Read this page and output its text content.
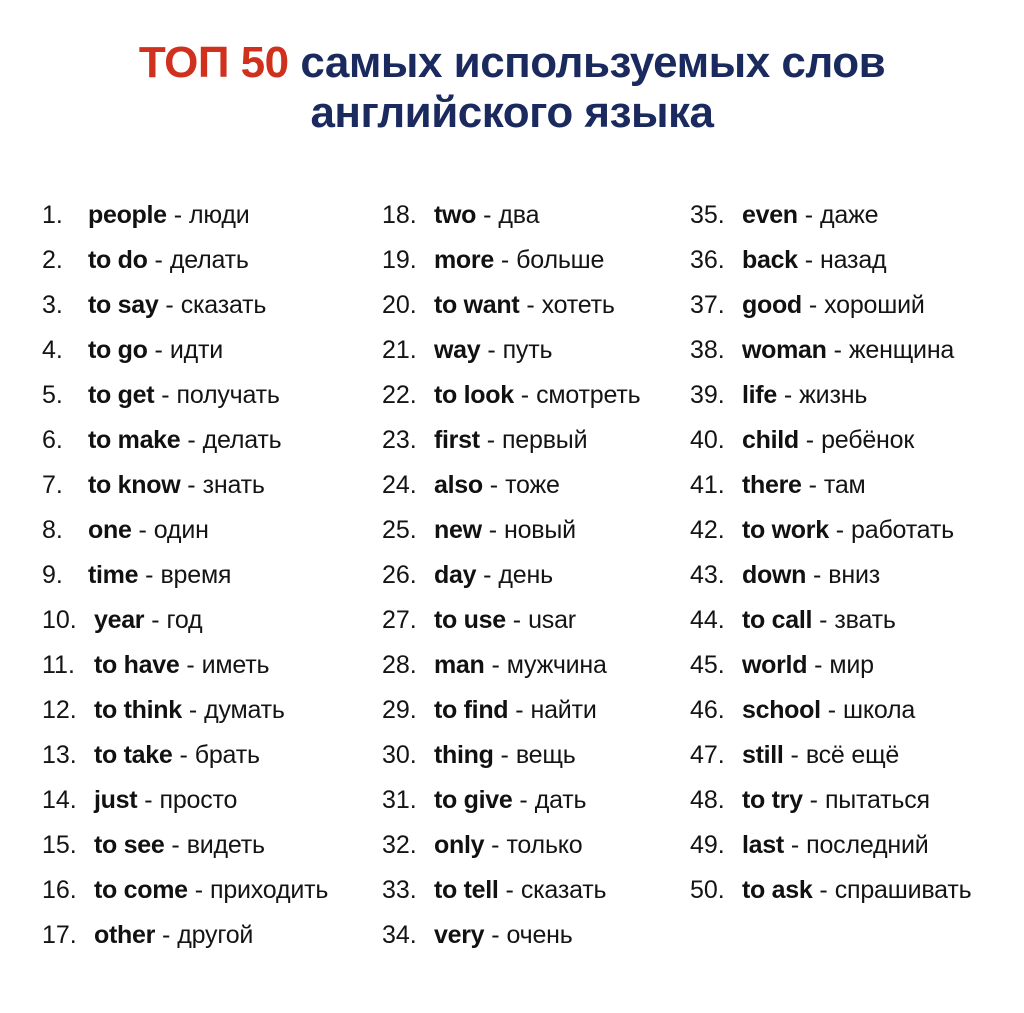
ТОП 50 самых используемых слов
английского языка
1. people - люди
2. to do - делать
3. to say - сказать
4. to go - идти
5. to get - получать
6. to make - делать
7. to know - знать
8. one - один
9. time - время
10. year - год
11. to have - иметь
12. to think - думать
13. to take - брать
14. just - просто
15. to see - видеть
16. to come - приходить
17. other - другой
18. two - два
19. more - больше
20. to want - хотеть
21. way - путь
22. to look - смотреть
23. first - первый
24. also - тоже
25. new - новый
26. day - день
27. to use - usar
28. man - мужчина
29. to find - найти
30. thing - вещь
31. to give - дать
32. only - только
33. to tell - сказать
34. very - очень
35. even - даже
36. back - назад
37. good - хороший
38. woman - женщина
39. life - жизнь
40. child - ребёнок
41. there - там
42. to work - работать
43. down - вниз
44. to call - звать
45. world - мир
46. school - школа
47. still - всё ещё
48. to try - пытаться
49. last - последний
50. to ask - спрашивать
